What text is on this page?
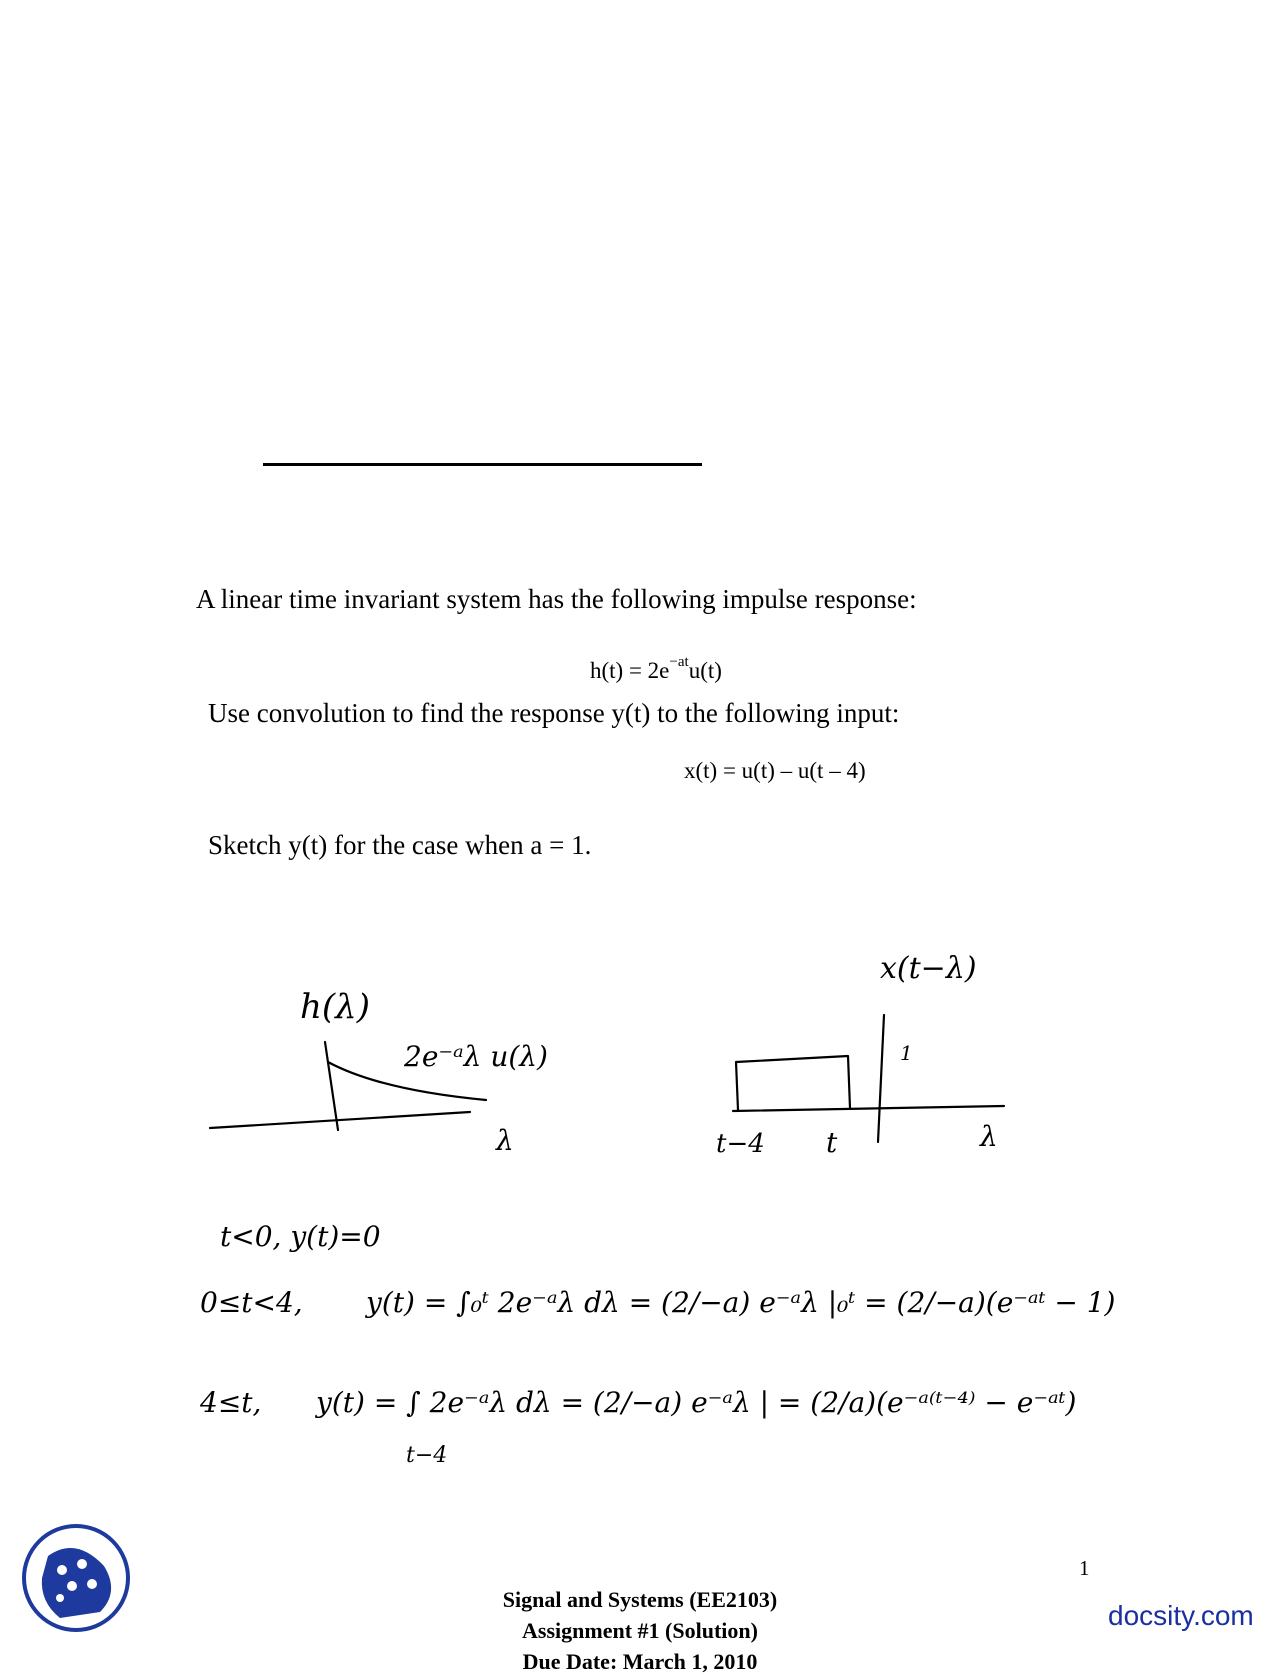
A linear time invariant system has the following impulse response:
$h(t) = 2e^{-at}u(t)$
Use convolution to find the response y(t) to the following input:
x(t) = u(t) – u(t – 4)
Sketch y(t) for the case when a = 1.
h(λ)
2e⁻ᵃλ u(λ)
λ
x(t−λ)
1
t−4 t	λ
t<0, y(t)=0
0≤t<4, y(t) = ∫₀ᵗ 2e⁻ᵃλ dλ = (2/−a) e⁻ᵃλ |₀ᵗ = (2/−a)(e⁻ᵃᵗ − 1)
4≤t, y(t) = ∫ 2e⁻ᵃλ dλ = (2/−a) e⁻ᵃλ | = (2/a)(e⁻ᵃ⁽ᵗ⁻⁴⁾ − e⁻ᵃᵗ)
t−4
1
Signal and Systems (EE2103)
Assignment #1 (Solution)
Due Date: March 1, 2010
docsity.com
